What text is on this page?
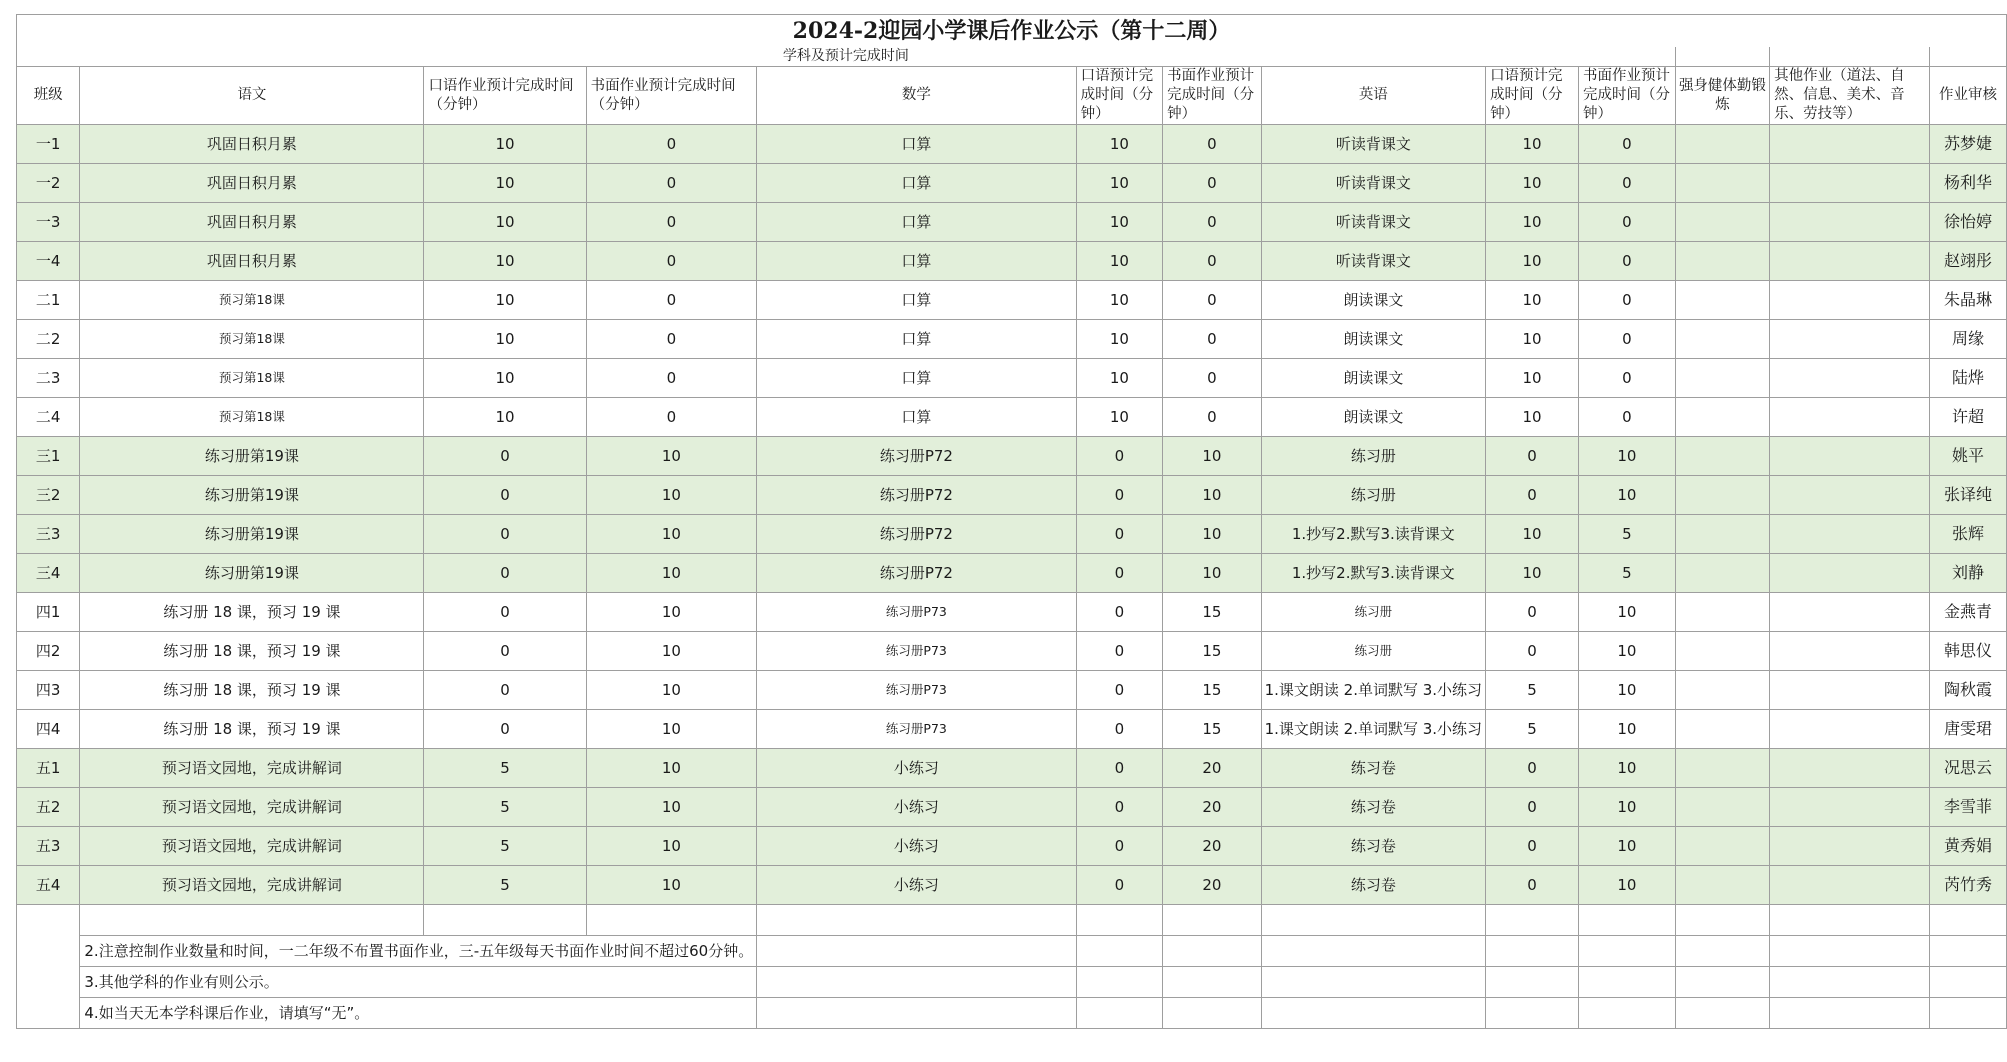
2024-2迎园小学课后作业公示（第十二周）												
学科及预计完成时间												
班级	语文	口语作业预计完成时间（分钟）	书面作业预计完成时间（分钟）	数学	口语预计完成时间（分钟）	书面作业预计完成时间（分钟）	英语	口语预计完成时间（分钟）	书面作业预计完成时间（分钟）	强身健体勤锻炼	其他作业（道法、自然、信息、美术、音乐、劳技等）	作业审核
一1	巩固日积月累	10	0	口算	10	0	听读背课文	10	0			苏梦婕
一2	巩固日积月累	10	0	口算	10	0	听读背课文	10	0			杨利华
一3	巩固日积月累	10	0	口算	10	0	听读背课文	10	0			徐怡婷
一4	巩固日积月累	10	0	口算	10	0	听读背课文	10	0			赵翊彤
二1	预习第18课	10	0	口算	10	0	朗读课文	10	0			朱晶琳
二2	预习第18课	10	0	口算	10	0	朗读课文	10	0			周缘
二3	预习第18课	10	0	口算	10	0	朗读课文	10	0			陆烨
二4	预习第18课	10	0	口算	10	0	朗读课文	10	0			许超
三1	练习册第19课	0	10	练习册P72	0	10	练习册	0	10			姚平
三2	练习册第19课	0	10	练习册P72	0	10	练习册	0	10			张译纯
三3	练习册第19课	0	10	练习册P72	0	10	1.抄写2.默写3.读背课文	10	5			张辉
三4	练习册第19课	0	10	练习册P72	0	10	1.抄写2.默写3.读背课文	10	5			刘静
四1	练习册 18 课，预习 19 课	0	10	练习册P73	0	15	练习册	0	10			金燕青
四2	练习册 18 课，预习 19 课	0	10	练习册P73	0	15	练习册	0	10			韩思仪
四3	练习册 18 课，预习 19 课	0	10	练习册P73	0	15	1.课文朗读 2.单词默写 3.小练习	5	10			陶秋霞
四4	练习册 18 课，预习 19 课	0	10	练习册P73	0	15	1.课文朗读 2.单词默写 3.小练习	5	10			唐雯珺
五1	预习语文园地，完成讲解词	5	10	小练习	0	20	练习卷	0	10			况思云
五2	预习语文园地，完成讲解词	5	10	小练习	0	20	练习卷	0	10			李雪菲
五3	预习语文园地，完成讲解词	5	10	小练习	0	20	练习卷	0	10			黄秀娟
五4	预习语文园地，完成讲解词	5	10	小练习	0	20	练习卷	0	10			芮竹秀

	2.注意控制作业数量和时间，一二年级不布置书面作业，三-五年级每天书面作业时间不超过60分钟。											
	3.其他学科的作业有则公示。											
	4.如当天无本学科课后作业，请填写“无”。											
